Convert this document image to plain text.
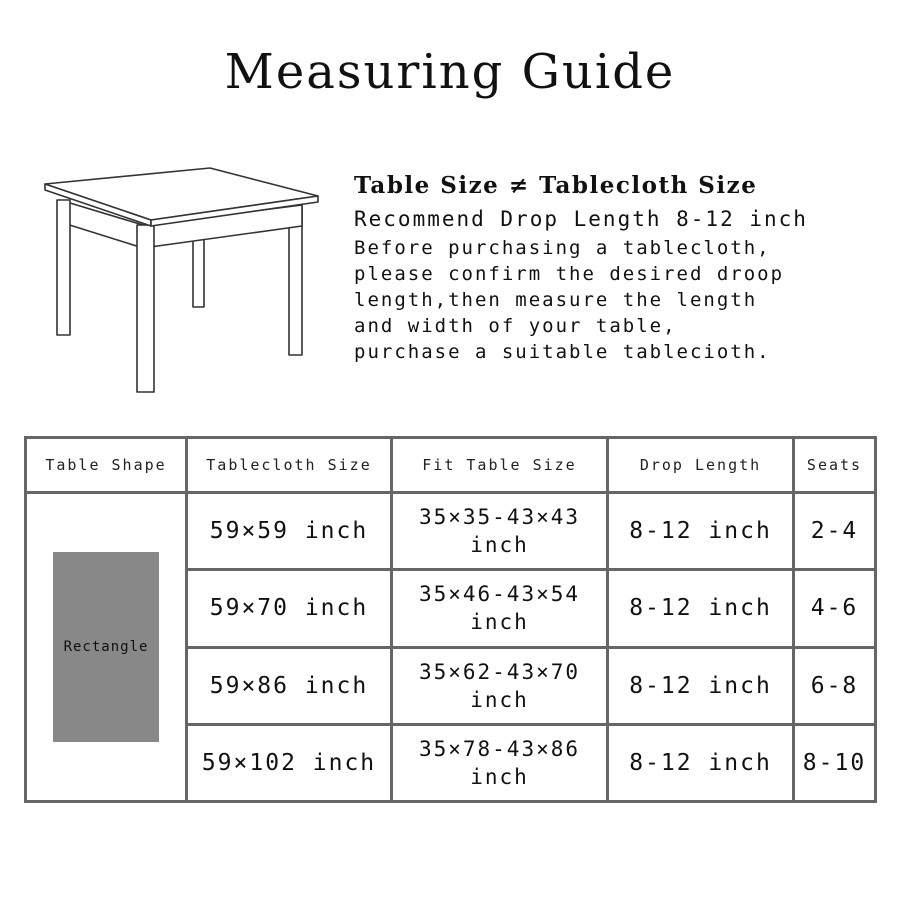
Measuring Guide
Table Size ≠ Tablecloth Size
Recommend Drop Length 8-12 inch
Before purchasing a tablecloth,
please confirm the desired droop
length,then measure the length
and width of your table,
purchase a suitable tablecioth.
Table Shape	Tablecloth Size	Fit Table Size	Drop Length	Seats

Rectangle	59×59 inch	35×35-43×43
inch	8-12 inch	2-4
	59×70 inch	35×46-43×54
inch	8-12 inch	4-6
	59×86 inch	35×62-43×70
inch	8-12 inch	6-8
	59×102 inch	35×78-43×86
inch	8-12 inch	8-10
